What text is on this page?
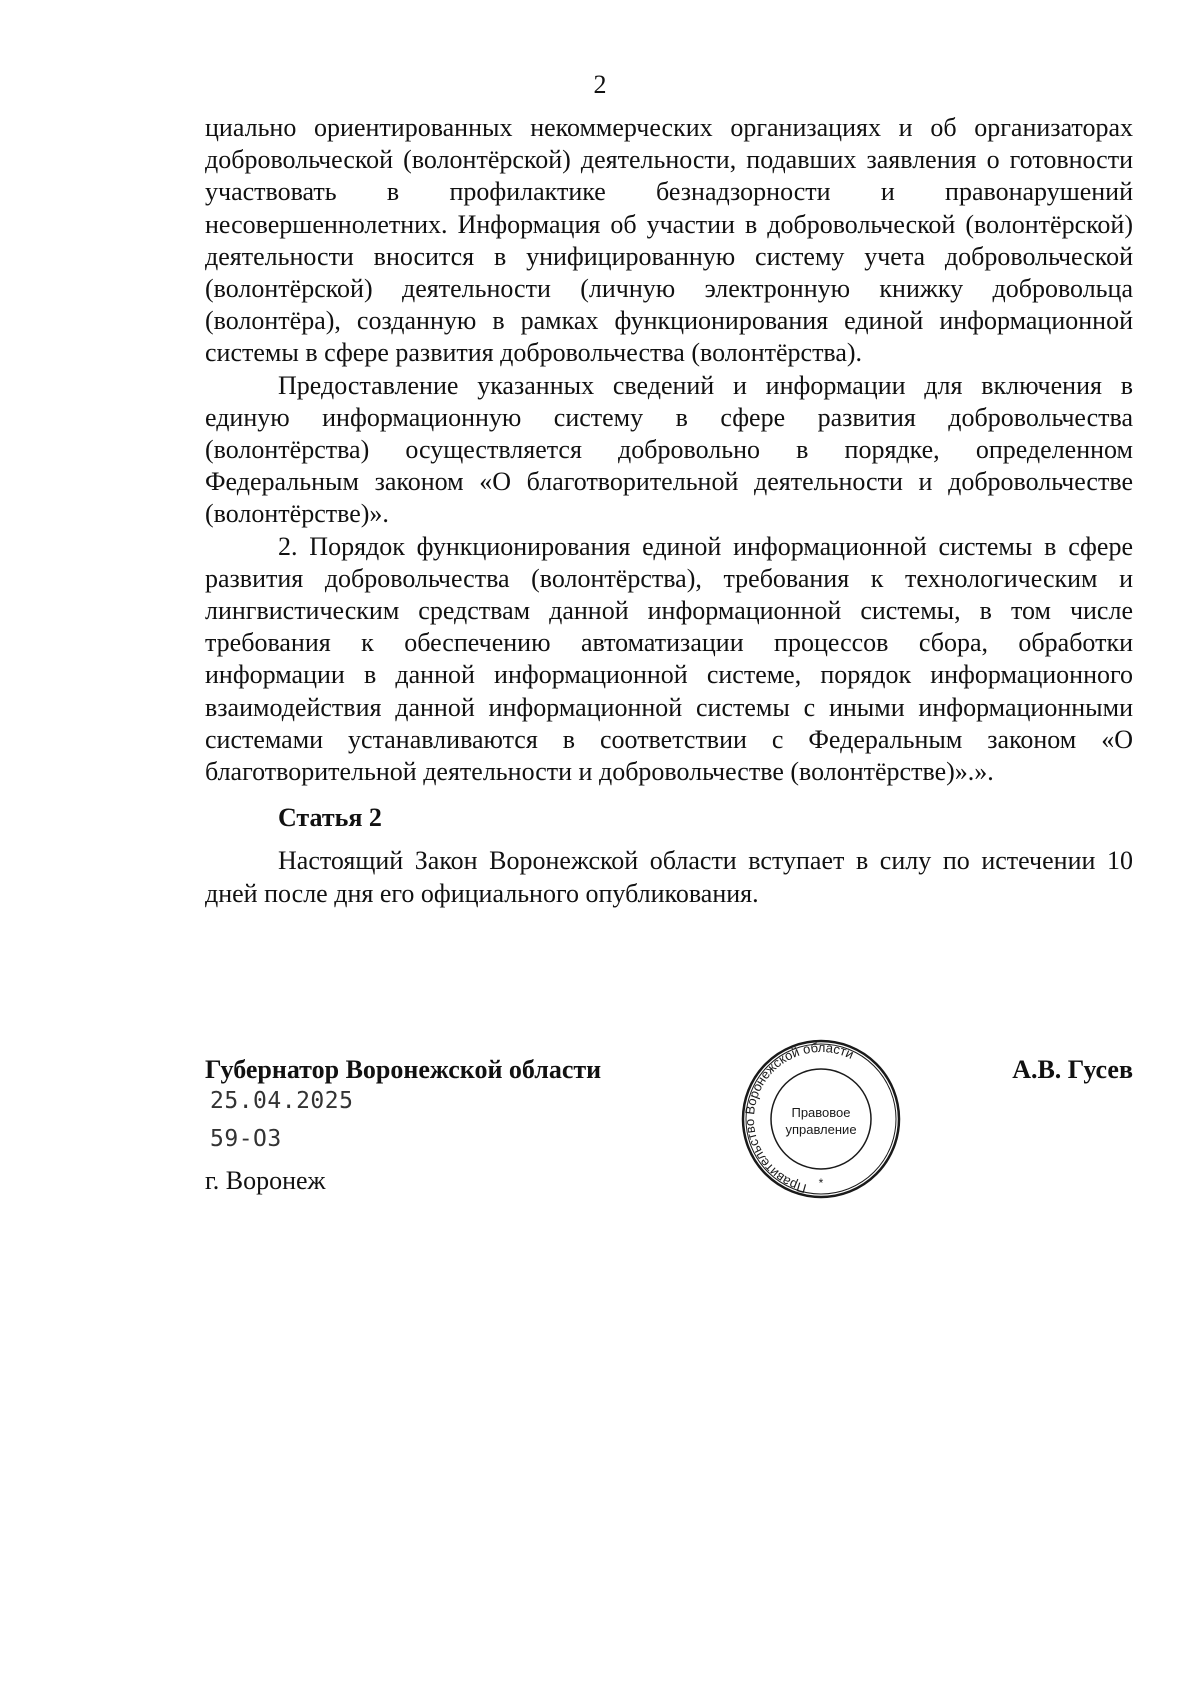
2

циально ориентированных некоммерческих организациях и об организаторах добровольческой (волонтёрской) деятельности, подавших заявления о готовности участвовать в профилактике безнадзорности и правонарушений несовершеннолетних. Информация об участии в добровольческой (волонтёрской) деятельности вносится в унифицированную систему учета добровольческой (волонтёрской) деятельности (личную электронную книжку добровольца (волонтёра), созданную в рамках функционирования единой информационной системы в сфере развития добровольчества (волонтёрства).

Предоставление указанных сведений и информации для включения в единую информационную систему в сфере развития добровольчества (волонтёрства) осуществляется добровольно в порядке, определенном Федеральным законом «О благотворительной деятельности и добровольчестве (волонтёрстве)».

2. Порядок функционирования единой информационной системы в сфере развития добровольчества (волонтёрства), требования к технологическим и лингвистическим средствам данной информационной системы, в том числе требования к обеспечению автоматизации процессов сбора, обработки информации в данной информационной системе, порядок информационного взаимодействия данной информационной системы с иными информационными системами устанавливаются в соответствии с Федеральным законом «О благотворительной деятельности и добровольчестве (волонтёрстве)».».

Статья 2

Настоящий Закон Воронежской области вступает в силу по истечении 10 дней после дня его официального опубликования.

Губернатор Воронежской области
25.04.2025
59-ОЗ
г. Воронеж
А.В. Гусев
Правительство Воронежской области
Правовое
управление
*
